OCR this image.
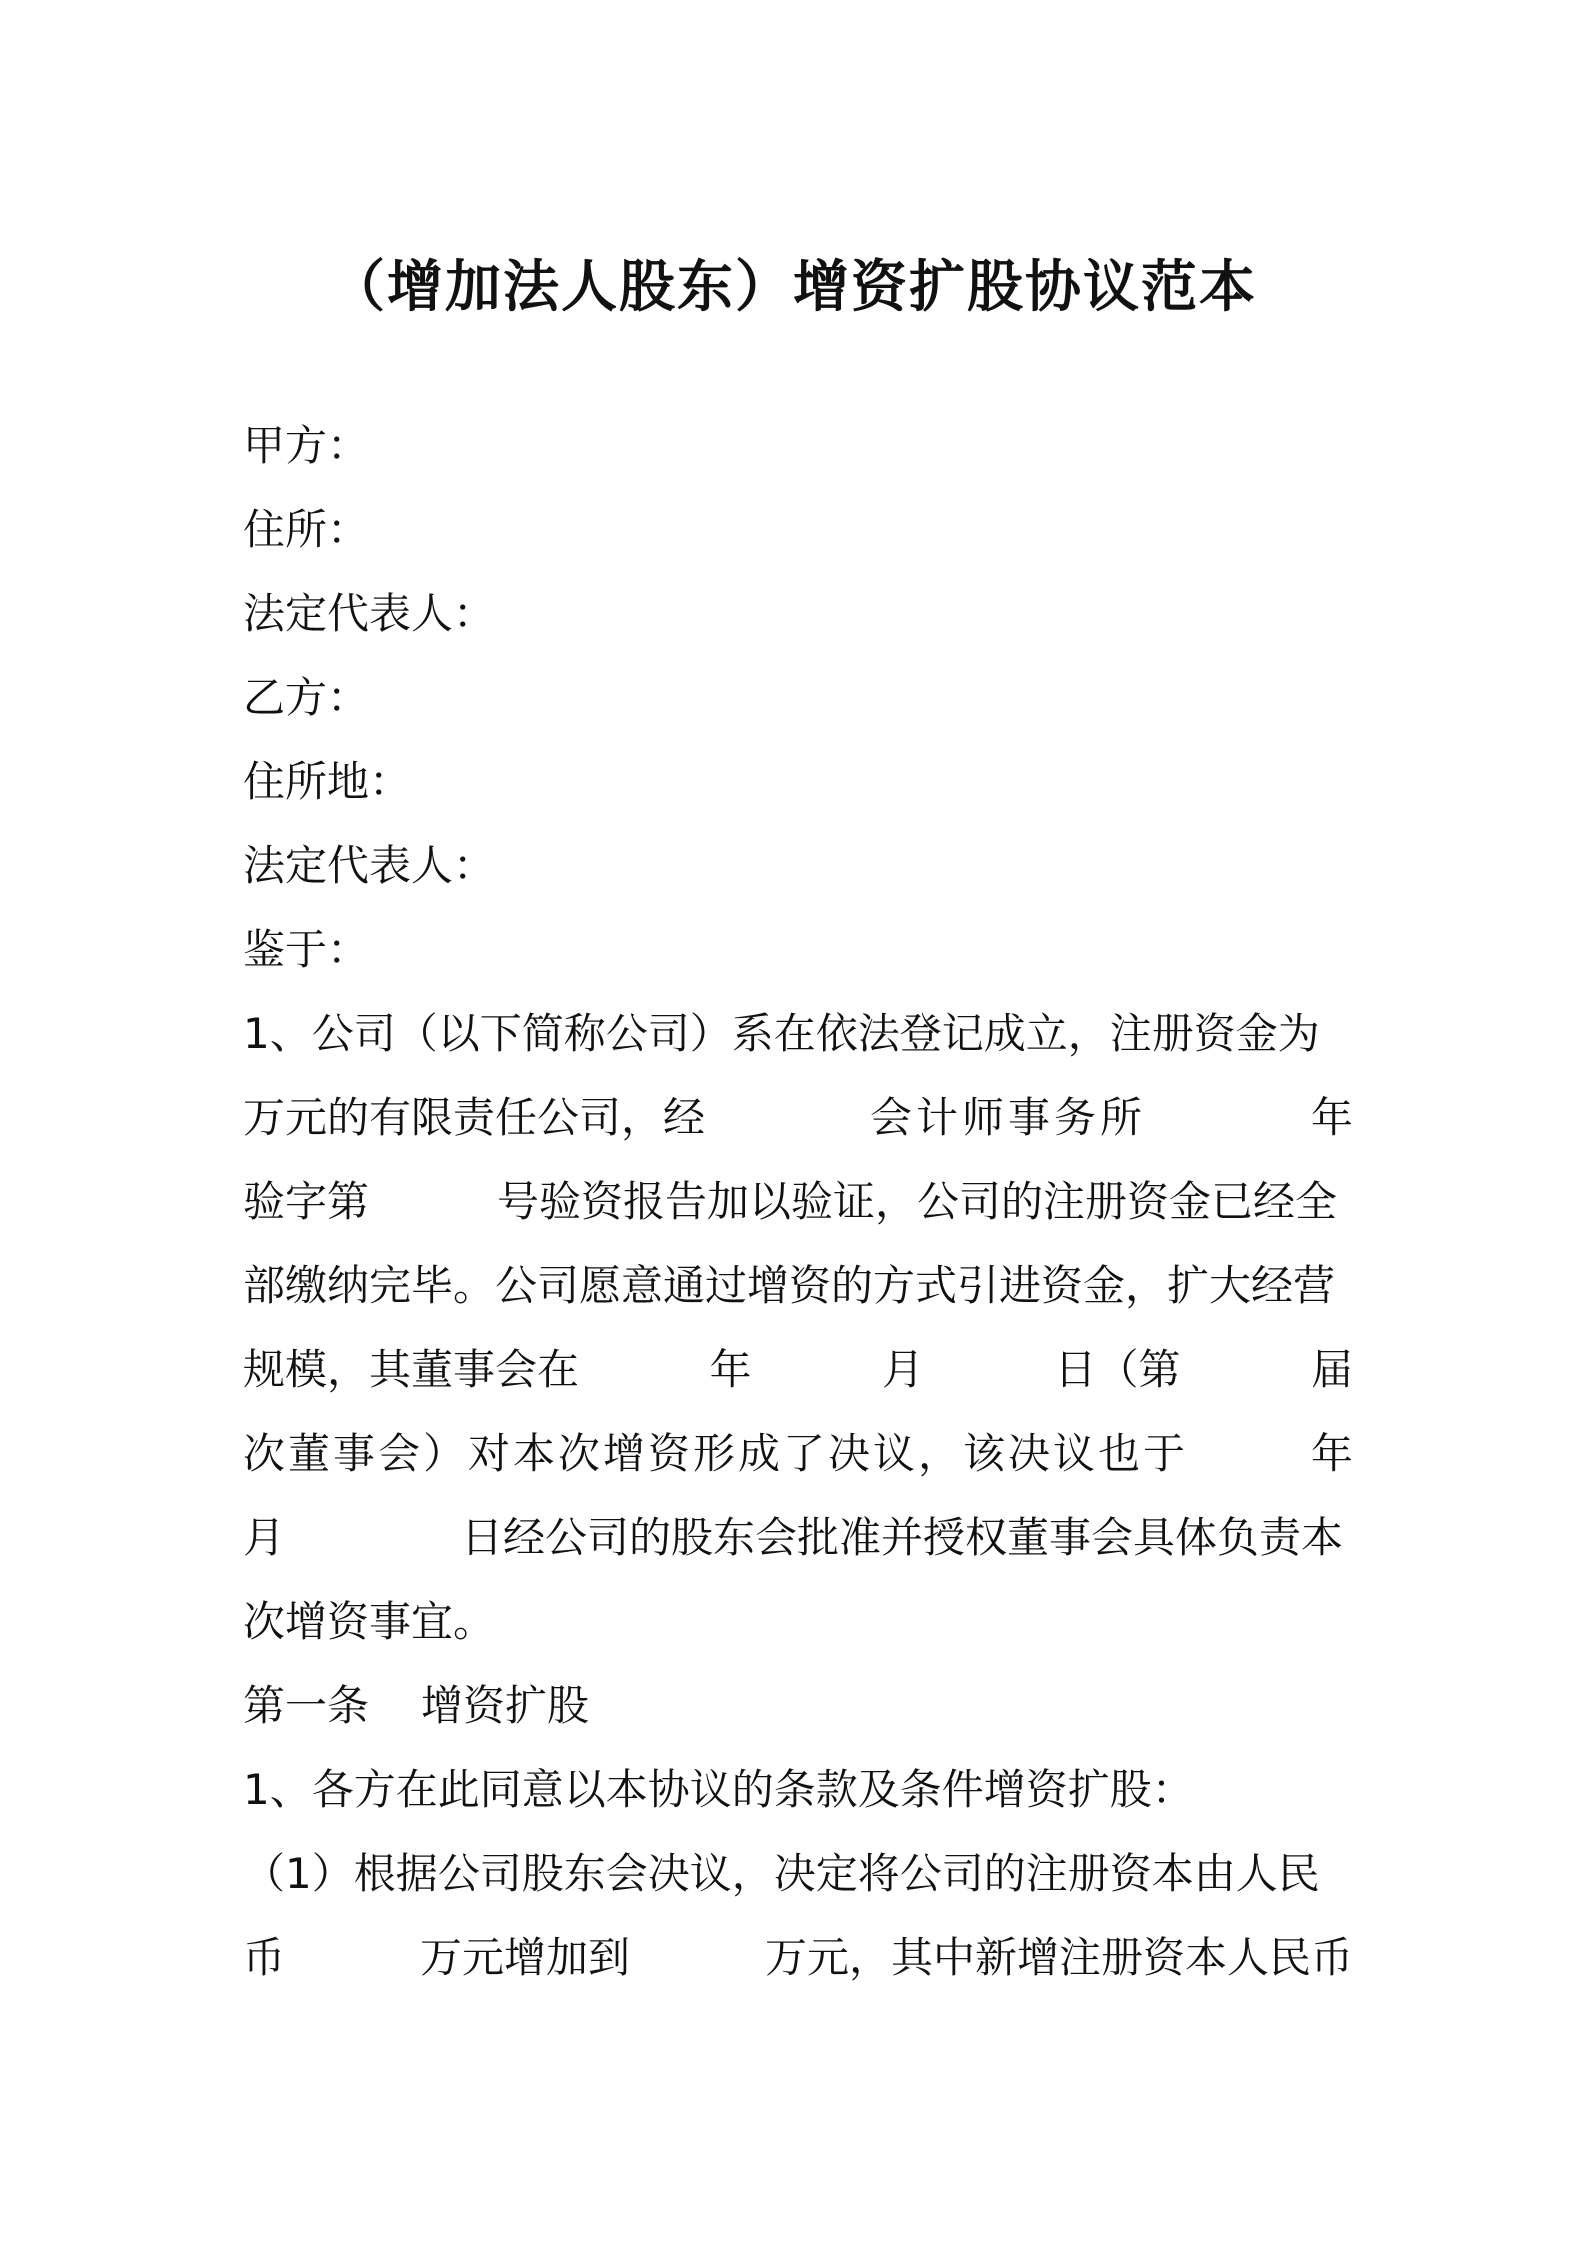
（增加法人股东）增资扩股协议范本
甲方：
住所：
法定代表人：
乙方：
住所地：
法定代表人：
鉴于：
1、公司（以下简称公司）系在依法登记成立，注册资金为
万元的有限责任公司，经	会计师事务所	年
验字第	号验资报告加以验证，公司的注册资金已经全
部缴纳完毕。公司愿意通过增资的方式引进资金，扩大经营
规模，其董事会在	年	月	日（第	届
次董事会）对本次增资形成了决议，该决议也于	年
月	日经公司的股东会批准并授权董事会具体负责本
次增资事宜。
第一条 增资扩股
1、各方在此同意以本协议的条款及条件增资扩股：
（1）根据公司股东会决议，决定将公司的注册资本由人民
币	万元增加到	万元，其中新增注册资本人民币
